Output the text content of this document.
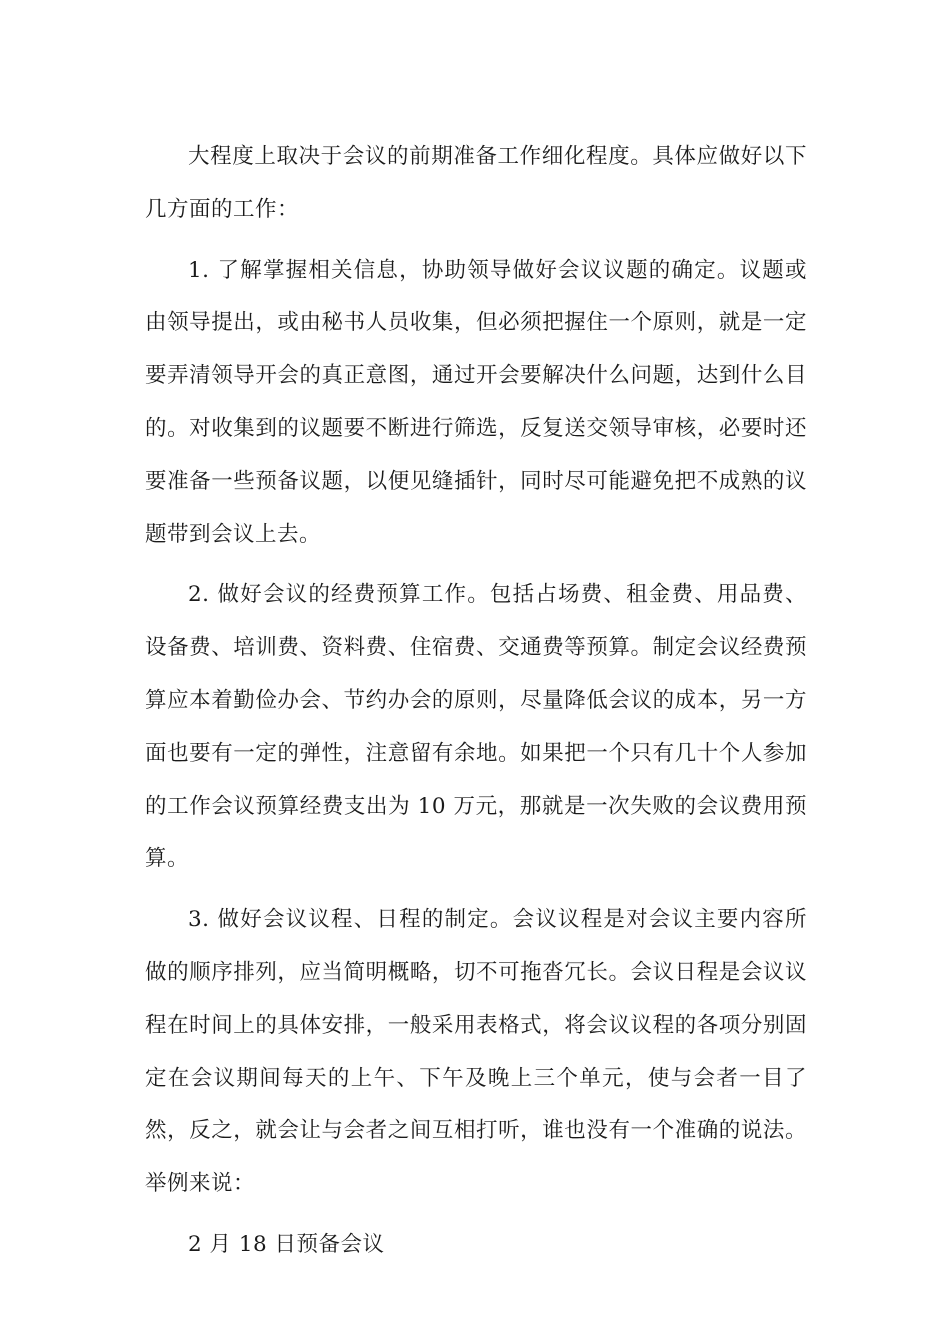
大程度上取决于会议的前期准备工作细化程度。具体应做好以下几方面的工作：

1. 了解掌握相关信息，协助领导做好会议议题的确定。议题或由领导提出，或由秘书人员收集，但必须把握住一个原则，就是一定要弄清领导开会的真正意图，通过开会要解决什么问题，达到什么目的。对收集到的议题要不断进行筛选，反复送交领导审核，必要时还要准备一些预备议题，以便见缝插针，同时尽可能避免把不成熟的议题带到会议上去。

2. 做好会议的经费预算工作。包括占场费、租金费、用品费、设备费、培训费、资料费、住宿费、交通费等预算。制定会议经费预算应本着勤俭办会、节约办会的原则，尽量降低会议的成本，另一方面也要有一定的弹性，注意留有余地。如果把一个只有几十个人参加的工作会议预算经费支出为 10 万元，那就是一次失败的会议费用预算。

3. 做好会议议程、日程的制定。会议议程是对会议主要内容所做的顺序排列，应当简明概略，切不可拖沓冗长。会议日程是会议议程在时间上的具体安排，一般采用表格式，将会议议程的各项分别固定在会议期间每天的上午、下午及晚上三个单元，使与会者一目了然，反之，就会让与会者之间互相打听，谁也没有一个准确的说法。举例来说：

2 月 18 日预备会议
